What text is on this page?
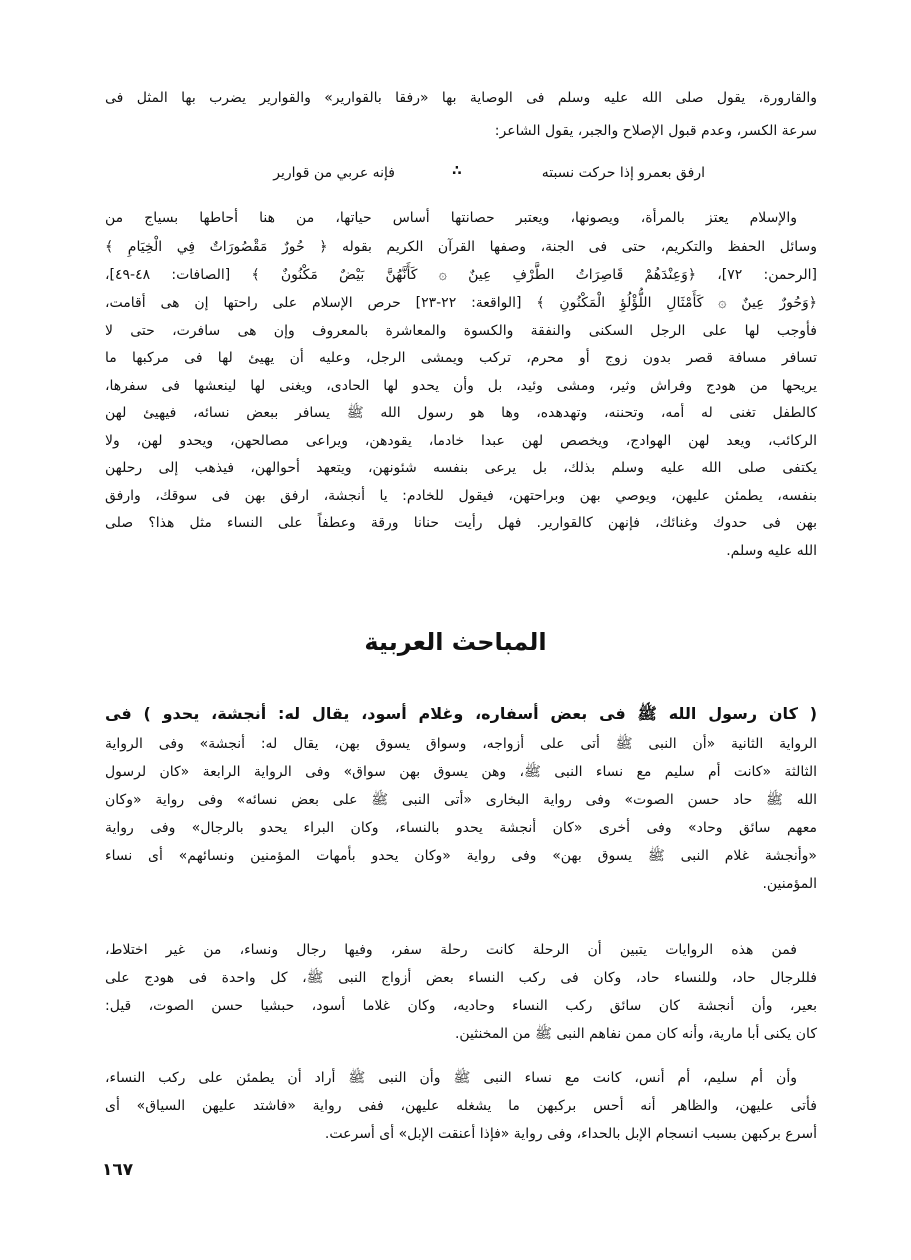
ارفق بعمرو إذا حركت نسبته
∴
فإنه عربي من قوارير
المباحث العربية
١٦٧
والقارورة، يقول صلى الله عليه وسلم فى الوصاية بها «رفقا بالقوارير» والقوارير يضرب بها المثل فى
سرعة الكسر، وعدم قبول الإصلاح والجبر، يقول الشاعر:
والإسلام يعتز بالمرأة، ويصونها، ويعتبر حصانتها أساس حياتها، من هنا أحاطها بسياج من
وسائل الحفظ والتكريم، حتى فى الجنة، وصفها القرآن الكريم بقوله ﴿ حُورٌ مَقْصُورَاتٌ فِي الْخِيَامِ ﴾
[الرحمن: ٧٢]، ﴿وَعِنْدَهُمْ قَاصِرَاتُ الطَّرْفِ عِينٌ ۞ كَأَنَّهُنَّ بَيْضٌ مَكْنُونٌ ﴾ [الصافات: ٤٨-٤٩]،
﴿وَحُورٌ عِينٌ ۞ كَأَمْثَالِ اللُّؤْلُؤِ الْمَكْنُونِ ﴾ [الواقعة: ٢٢-٢٣] حرص الإسلام على راحتها إن هى أقامت،
فأوجب لها على الرجل السكنى والنفقة والكسوة والمعاشرة بالمعروف وإن هى سافرت، حتى لا
تسافر مسافة قصر بدون زوج أو محرم، تركب ويمشى الرجل، وعليه أن يهيئ لها فى مركبها ما
يريحها من هودج وفراش وثير، ومشى وئيد، بل وأن يحدو لها الحادى، ويغنى لها لينعشها فى سفرها،
كالطفل تغنى له أمه، وتحننه، وتهدهده، وها هو رسول الله ﷺ يسافر ببعض نسائه، فيهيئ لهن
الركائب، ويعد لهن الهوادج، ويخصص لهن عبدا خادما، يقودهن، ويراعى مصالحهن، ويحدو لهن، ولا
يكتفى صلى الله عليه وسلم بذلك، بل يرعى بنفسه شئونهن، ويتعهد أحوالهن، فيذهب إلى رحلهن
بنفسه، يطمئن عليهن، ويوصي بهن وبراحتهن، فيقول للخادم: يا أنجشة، ارفق بهن فى سوقك، وارفق
بهن فى حدوك وغنائك، فإنهن كالقوارير. فهل رأيت حنانا ورقة وعطفاً على النساء مثل هذا؟ صلى
الله عليه وسلم.
( كان رسول الله ﷺ فى بعض أسفاره، وغلام أسود، يقال له: أنجشة، يحدو ) فى
الرواية الثانية «أن النبى ﷺ أتى على أزواجه، وسواق يسوق بهن، يقال له: أنجشة» وفى الرواية
الثالثة «كانت أم سليم مع نساء النبى ﷺ، وهن يسوق بهن سواق» وفى الرواية الرابعة «كان لرسول
الله ﷺ حاد حسن الصوت» وفى رواية البخارى «أتى النبى ﷺ على بعض نسائه» وفى رواية «وكان
معهم سائق وحاد» وفى أخرى «كان أنجشة يحدو بالنساء، وكان البراء يحدو بالرجال» وفى رواية
«وأنجشة غلام النبى ﷺ يسوق بهن» وفى رواية «وكان يحدو بأمهات المؤمنين ونسائهم» أى نساء
المؤمنين.
فمن هذه الروايات يتبين أن الرحلة كانت رحلة سفر، وفيها رجال ونساء، من غير اختلاط،
فللرجال حاد، وللنساء حاد، وكان فى ركب النساء بعض أزواج النبى ﷺ، كل واحدة فى هودج على
بعير، وأن أنجشة كان سائق ركب النساء وحاديه، وكان غلاما أسود، حبشيا حسن الصوت، قيل:
كان يكنى أبا مارية، وأنه كان ممن نفاهم النبى ﷺ من المخنثين.
وأن أم سليم، أم أنس، كانت مع نساء النبى ﷺ وأن النبى ﷺ أراد أن يطمئن على ركب النساء،
فأتى عليهن، والظاهر أنه أحس بركبهن ما يشغله عليهن، ففى رواية «فاشتد عليهن السياق» أى
أسرع بركبهن بسبب انسجام الإبل بالحداء، وفى رواية «فإذا أعنقت الإبل» أى أسرعت.
